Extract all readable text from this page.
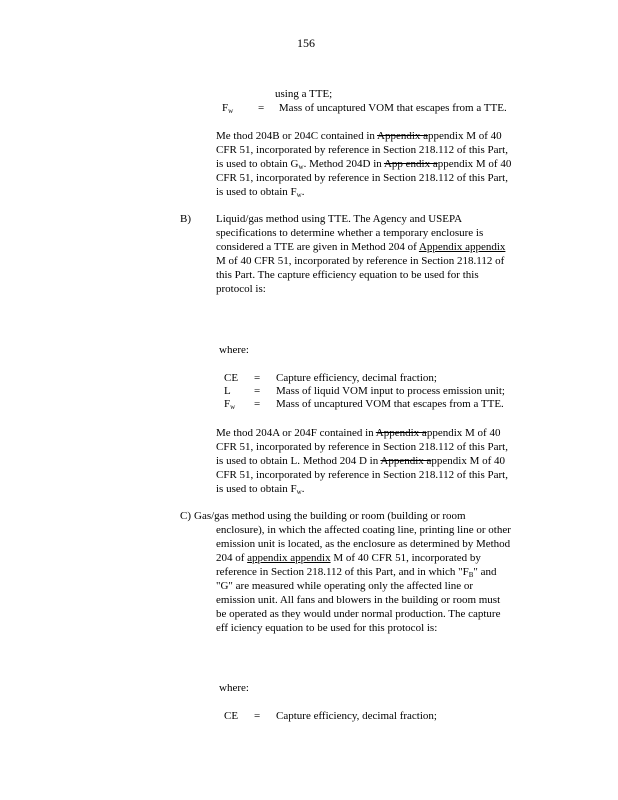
156
using a TTE;
$F_w$ = Mass of uncaptured VOM that escapes from a TTE.
Me thod 204B or 204C contained in Appendix appendix M of 40
CFR 51, incorporated by reference in Section 218.112 of this Part,
is used to obtain $G_w$. Method 204D in App endix appendix M of 40
CFR 51, incorporated by reference in Section 218.112 of this Part,
is used to obtain $F_w$.
B) Liquid/gas method using TTE. The Agency and USEPA
specifications to determine whether a temporary enclosure is
considered a TTE are given in Method 204 of Appendix appendix
M of 40 CFR 51, incorporated by reference in Section 218.112 of
this Part. The capture efficiency equation to be used for this
protocol is:
where:
CE = Capture efficiency, decimal fraction;
L = Mass of liquid VOM input to process emission unit;
$F_w$ = Mass of uncaptured VOM that escapes from a TTE.
Me thod 204A or 204F contained in Appendix appendix M of 40
CFR 51, incorporated by reference in Section 218.112 of this Part,
is used to obtain L. Method 204 D in Appendix appendix M of 40
CFR 51, incorporated by reference in Section 218.112 of this Part,
is used to obtain $F_w$.
C) Gas/gas method using the building or room (building or room
enclosure), in which the affected coating line, printing line or other
emission unit is located, as the enclosure as determined by Method
204 of appendix appendix M of 40 CFR 51, incorporated by
reference in Section 218.112 of this Part, and in which "$F_B$" and
"G" are measured while operating only the affected line or
emission unit. All fans and blowers in the building or room must
be operated as they would under normal production. The capture
eff iciency equation to be used for this protocol is:
where:
CE = Capture efficiency, decimal fraction;
